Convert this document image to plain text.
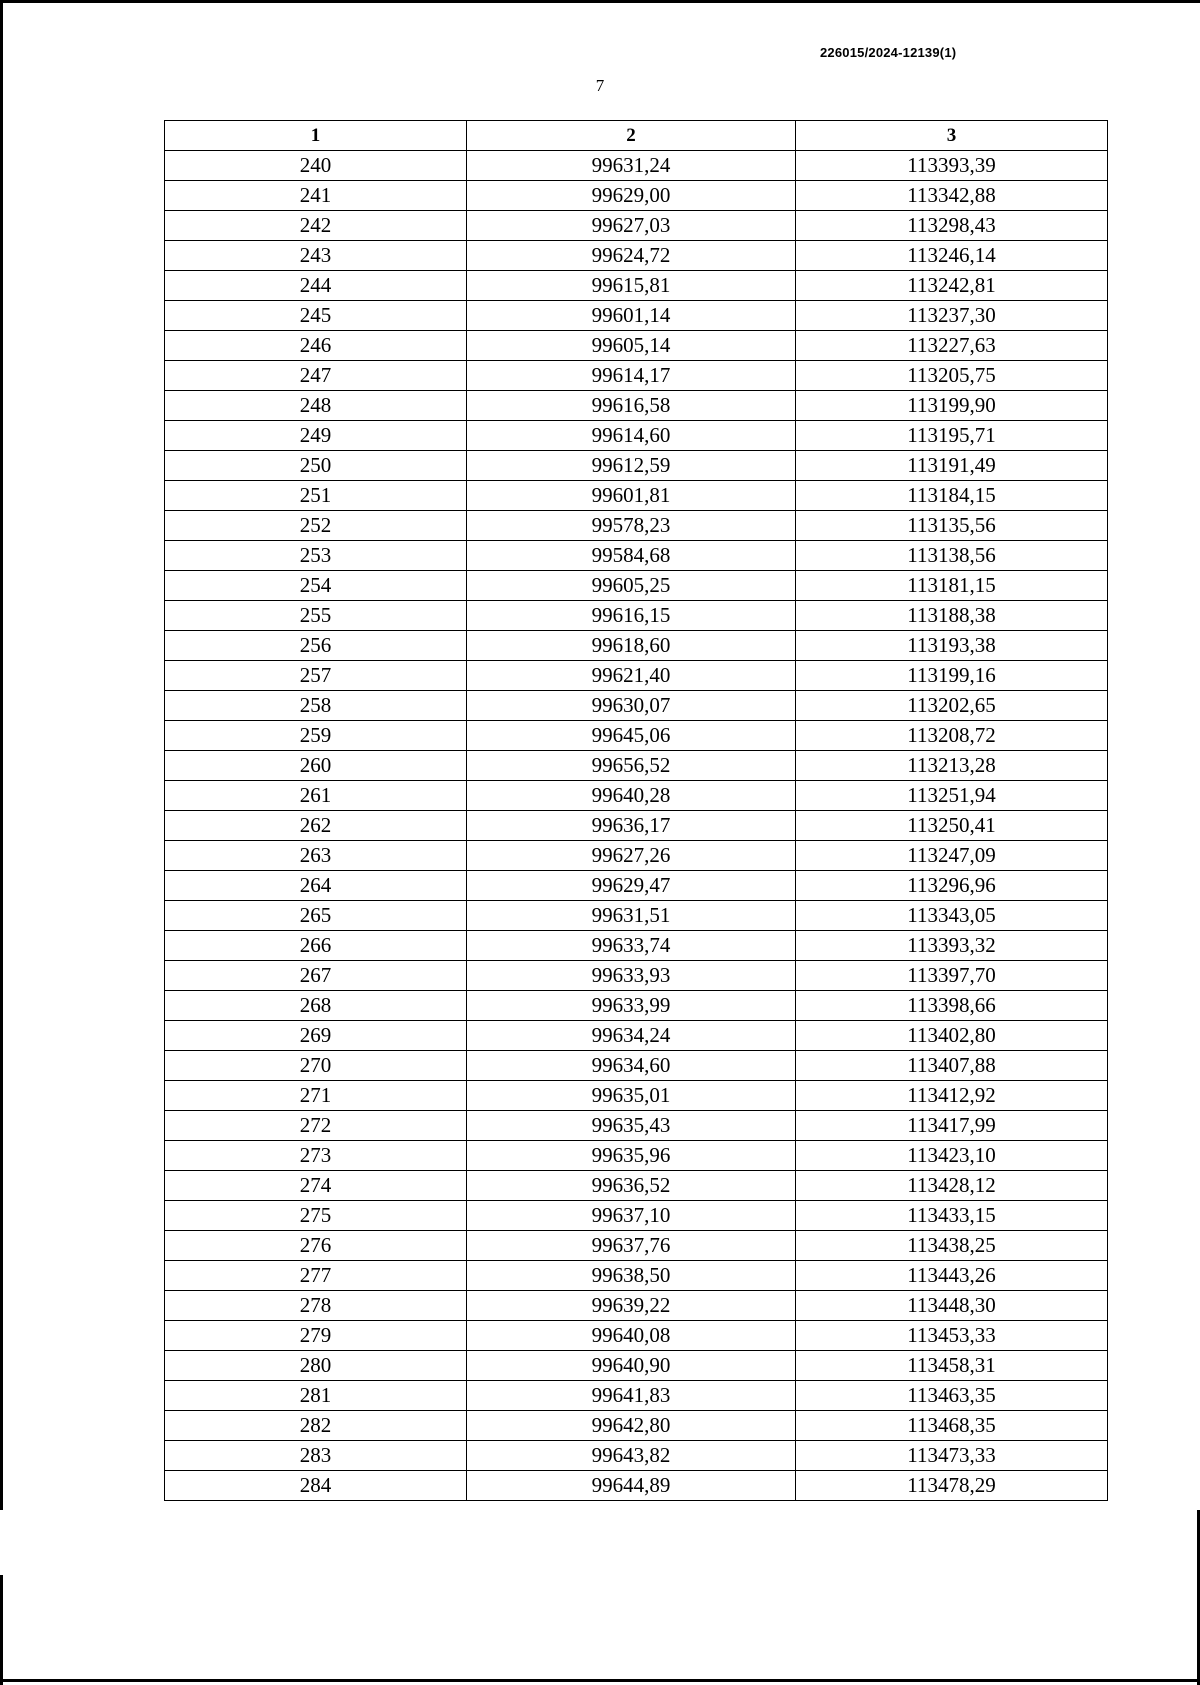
226015/2024-12139(1)
7
1	2	3
240	99631,24	113393,39
241	99629,00	113342,88
242	99627,03	113298,43
243	99624,72	113246,14
244	99615,81	113242,81
245	99601,14	113237,30
246	99605,14	113227,63
247	99614,17	113205,75
248	99616,58	113199,90
249	99614,60	113195,71
250	99612,59	113191,49
251	99601,81	113184,15
252	99578,23	113135,56
253	99584,68	113138,56
254	99605,25	113181,15
255	99616,15	113188,38
256	99618,60	113193,38
257	99621,40	113199,16
258	99630,07	113202,65
259	99645,06	113208,72
260	99656,52	113213,28
261	99640,28	113251,94
262	99636,17	113250,41
263	99627,26	113247,09
264	99629,47	113296,96
265	99631,51	113343,05
266	99633,74	113393,32
267	99633,93	113397,70
268	99633,99	113398,66
269	99634,24	113402,80
270	99634,60	113407,88
271	99635,01	113412,92
272	99635,43	113417,99
273	99635,96	113423,10
274	99636,52	113428,12
275	99637,10	113433,15
276	99637,76	113438,25
277	99638,50	113443,26
278	99639,22	113448,30
279	99640,08	113453,33
280	99640,90	113458,31
281	99641,83	113463,35
282	99642,80	113468,35
283	99643,82	113473,33
284	99644,89	113478,29
